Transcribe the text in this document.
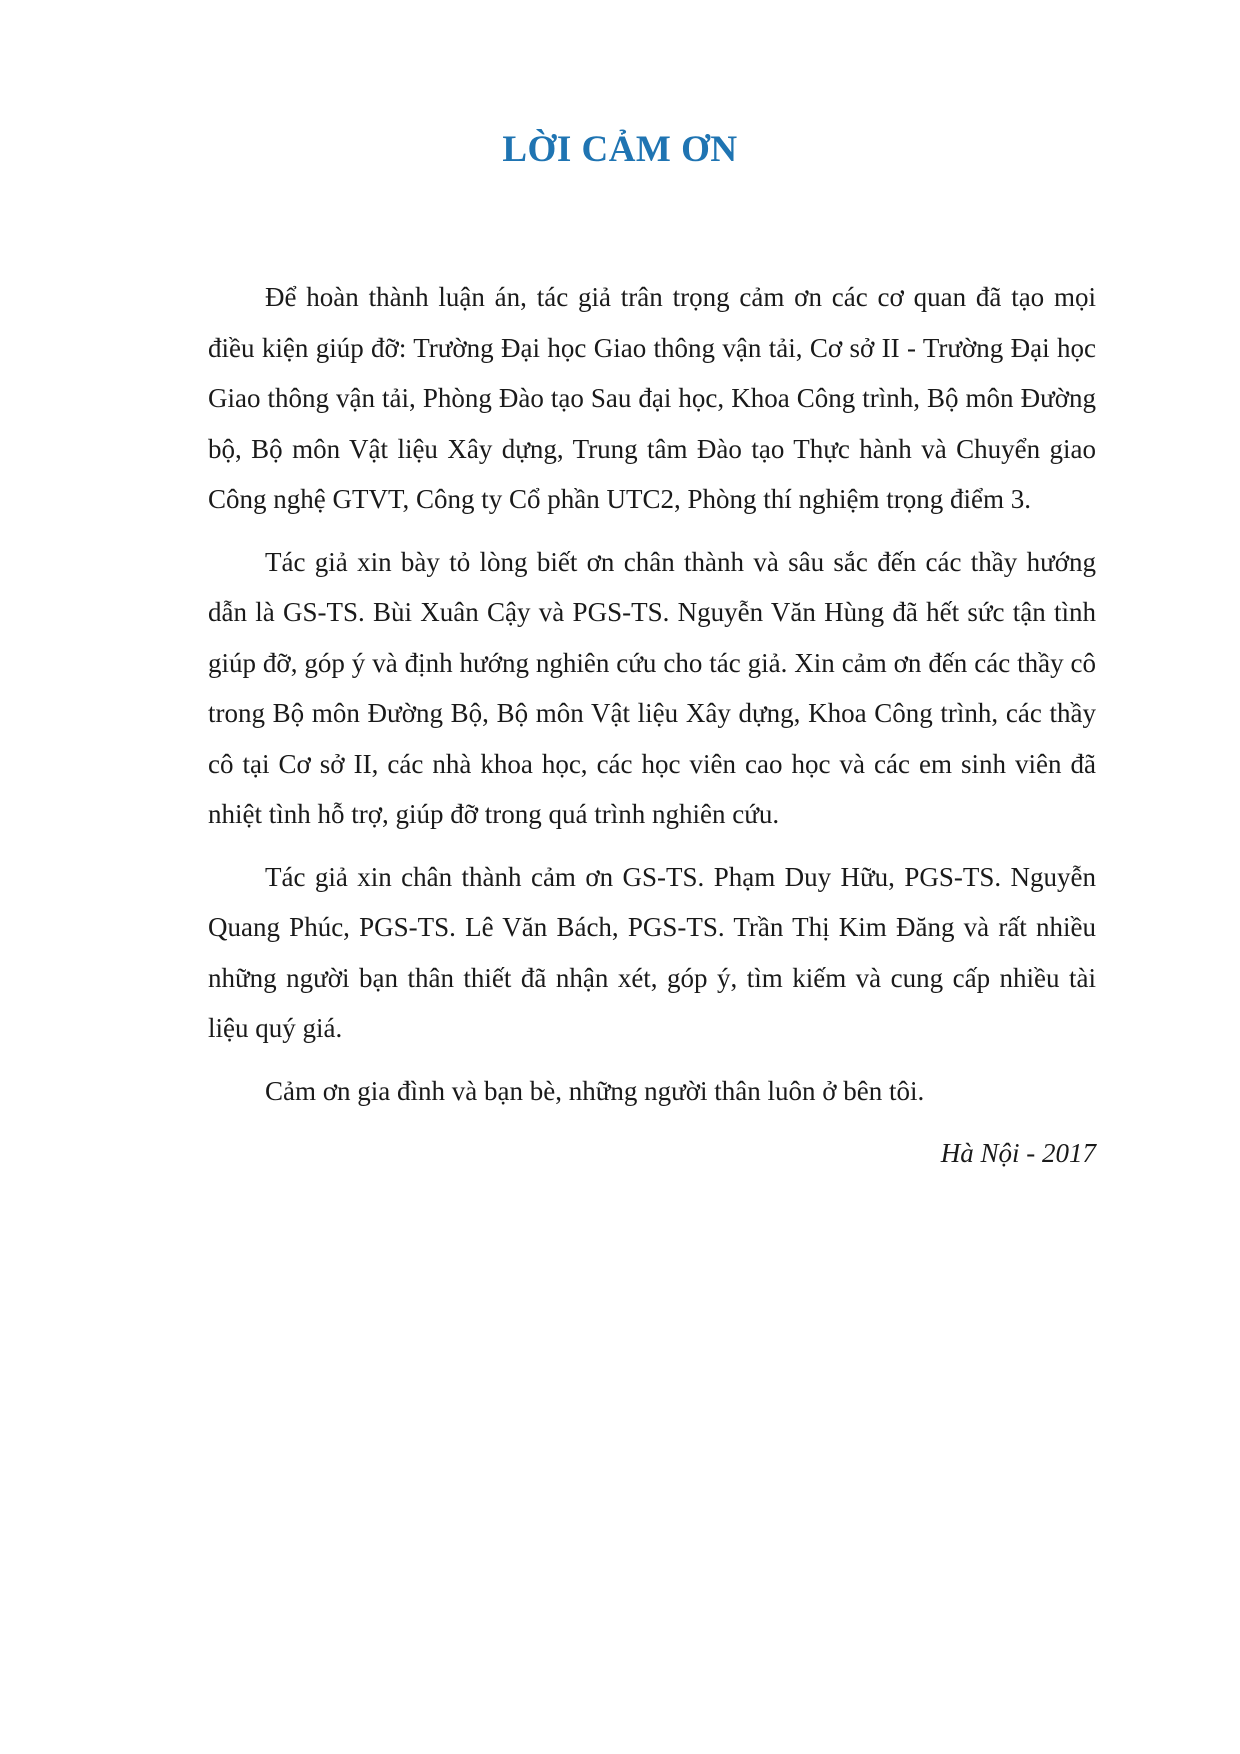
LỜI CẢM ƠN

Để hoàn thành luận án, tác giả trân trọng cảm ơn các cơ quan đã tạo mọi điều kiện giúp đỡ: Trường Đại học Giao thông vận tải, Cơ sở II - Trường Đại học Giao thông vận tải, Phòng Đào tạo Sau đại học, Khoa Công trình, Bộ môn Đường bộ, Bộ môn Vật liệu Xây dựng, Trung tâm Đào tạo Thực hành và Chuyển giao Công nghệ GTVT, Công ty Cổ phần UTC2, Phòng thí nghiệm trọng điểm 3.

Tác giả xin bày tỏ lòng biết ơn chân thành và sâu sắc đến các thầy hướng dẫn là GS-TS. Bùi Xuân Cậy và PGS-TS. Nguyễn Văn Hùng đã hết sức tận tình giúp đỡ, góp ý và định hướng nghiên cứu cho tác giả. Xin cảm ơn đến các thầy cô trong Bộ môn Đường Bộ, Bộ môn Vật liệu Xây dựng, Khoa Công trình, các thầy cô tại Cơ sở II, các nhà khoa học, các học viên cao học và các em sinh viên đã nhiệt tình hỗ trợ, giúp đỡ trong quá trình nghiên cứu.

Tác giả xin chân thành cảm ơn GS-TS. Phạm Duy Hữu, PGS-TS. Nguyễn Quang Phúc, PGS-TS. Lê Văn Bách, PGS-TS. Trần Thị Kim Đăng và rất nhiều những người bạn thân thiết đã nhận xét, góp ý, tìm kiếm và cung cấp nhiều tài liệu quý giá.

Cảm ơn gia đình và bạn bè, những người thân luôn ở bên tôi.

Hà Nội - 2017
